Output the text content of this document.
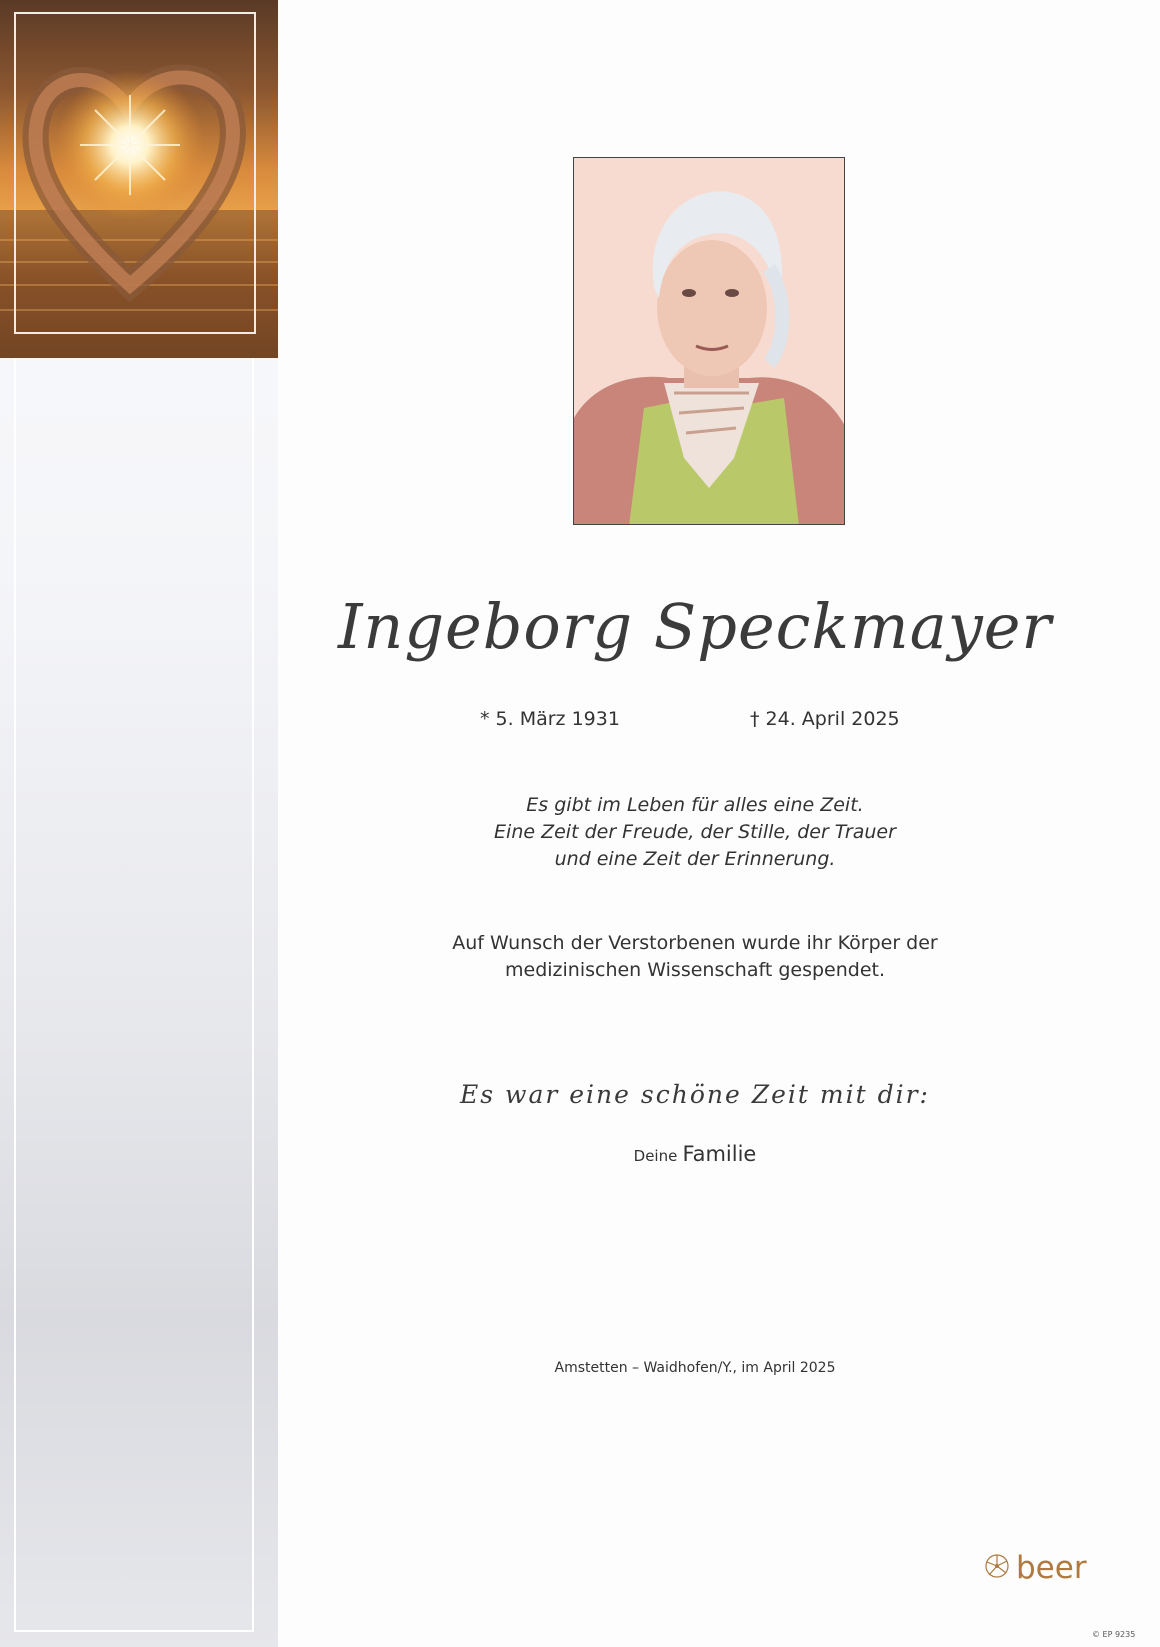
Ingeborg Speckmayer
* 5. März 1931	† 24. April 2025
Es gibt im Leben für alles eine Zeit.
Eine Zeit der Freude, der Stille, der Trauer
und eine Zeit der Erinnerung.
Auf Wunsch der Verstorbenen wurde ihr Körper der
medizinischen Wissenschaft gespendet.
Es war eine schöne Zeit mit dir:
Deine Familie
Amstetten – Waidhofen/Y., im April 2025
beer
© EP 9235
